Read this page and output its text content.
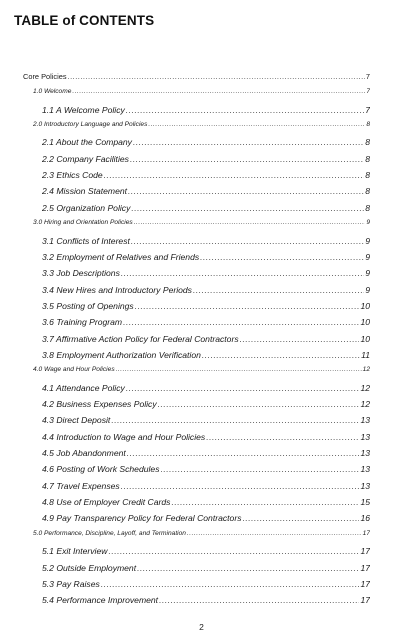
TABLE of CONTENTS
Core Policies .....	7
1.0 Welcome .....	7
1.1 A Welcome Policy .....	7
2.0 Introductory Language and Policies .....	8
2.1 About the Company .....	8
2.2 Company Facilities .....	8
2.3 Ethics Code .....	8
2.4 Mission Statement .....	8
2.5 Organization Policy .....	8
3.0 Hiring and Orientation Policies .....	9
3.1 Conflicts of Interest .....	9
3.2 Employment of Relatives and Friends .....	9
3.3 Job Descriptions .....	9
3.4 New Hires and Introductory Periods .....	9
3.5 Posting of Openings .....	10
3.6 Training Program .....	10
3.7 Affirmative Action Policy for Federal Contractors .....	10
3.8 Employment Authorization Verification .....	11
4.0 Wage and Hour Policies .....	12
4.1 Attendance Policy .....	12
4.2 Business Expenses Policy .....	12
4.3 Direct Deposit .....	13
4.4 Introduction to Wage and Hour Policies .....	13
4.5 Job Abandonment .....	13
4.6 Posting of Work Schedules .....	13
4.7 Travel Expenses .....	13
4.8 Use of Employer Credit Cards .....	15
4.9 Pay Transparency Policy for Federal Contractors .....	16
5.0 Performance, Discipline, Layoff, and Termination .....	17
5.1 Exit Interview .....	17
5.2 Outside Employment .....	17
5.3 Pay Raises .....	17
5.4 Performance Improvement .....	17
2
